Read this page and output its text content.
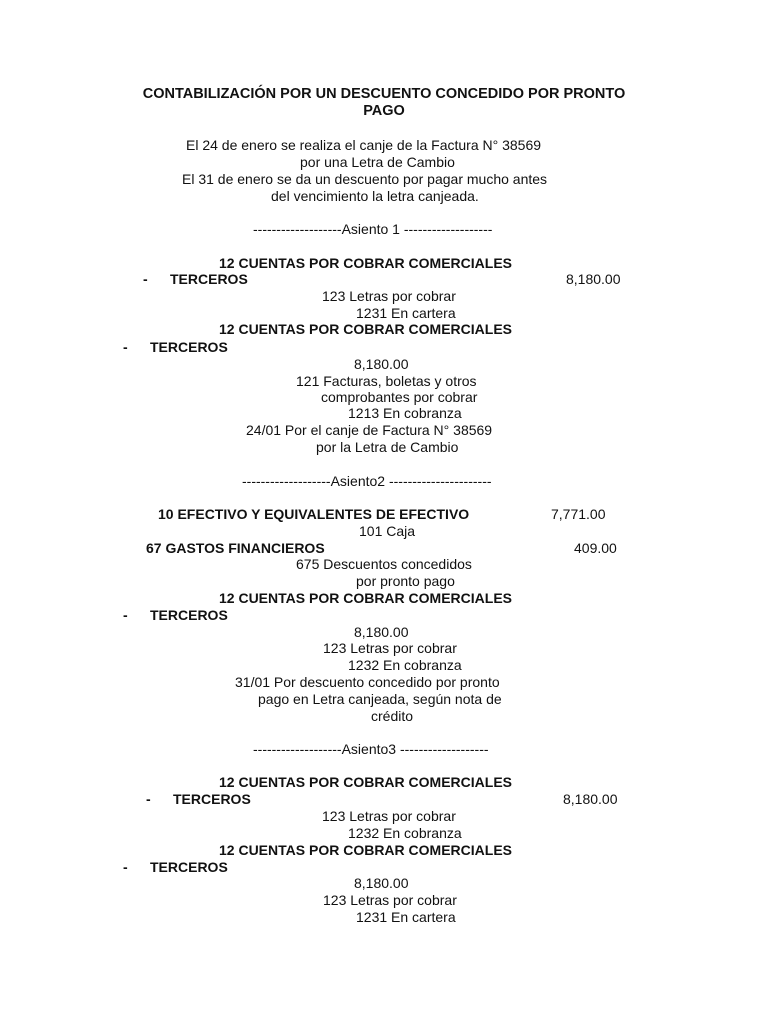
CONTABILIZACIÓN POR UN DESCUENTO CONCEDIDO POR PRONTO
PAGO
El 24 de enero se realiza el canje de la Factura N° 38569
por una Letra de Cambio
El 31 de enero se da un descuento por pagar mucho antes
del vencimiento la letra canjeada.
-------------------Asiento 1 -------------------
12 CUENTAS POR COBRAR COMERCIALES
- TERCEROS	8,180.00
123 Letras por cobrar
1231 En cartera
12 CUENTAS POR COBRAR COMERCIALES
- TERCEROS
8,180.00
121 Facturas, boletas y otros
comprobantes por cobrar
1213 En cobranza
24/01 Por el canje de Factura N° 38569
por la Letra de Cambio
-------------------Asiento2 ----------------------
10 EFECTIVO Y EQUIVALENTES DE EFECTIVO	7,771.00
101 Caja
67 GASTOS FINANCIEROS	409.00
675 Descuentos concedidos
por pronto pago
12 CUENTAS POR COBRAR COMERCIALES
- TERCEROS
8,180.00
123 Letras por cobrar
1232 En cobranza
31/01 Por descuento concedido por pronto
pago en Letra canjeada, según nota de
crédito
-------------------Asiento3 -------------------
12 CUENTAS POR COBRAR COMERCIALES
- TERCEROS	8,180.00
123 Letras por cobrar
1232 En cobranza
12 CUENTAS POR COBRAR COMERCIALES
- TERCEROS
8,180.00
123 Letras por cobrar
1231 En cartera
